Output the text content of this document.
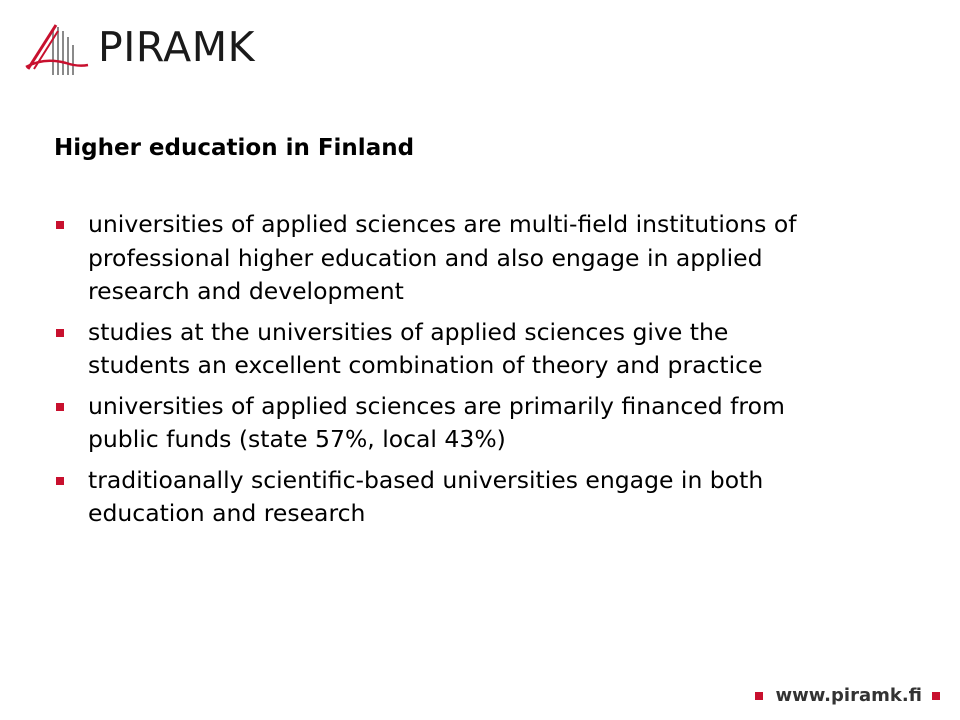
PIRAMK
Higher education in Finland
universities of applied sciences are multi-field institutions of professional higher education and also engage in applied research and development
studies at the universities of applied sciences give the students an excellent combination of theory and practice
universities of applied sciences are primarily financed from public funds (state 57%, local 43%)
traditioanally scientific-based universities engage in both education and research
www.piramk.fi
